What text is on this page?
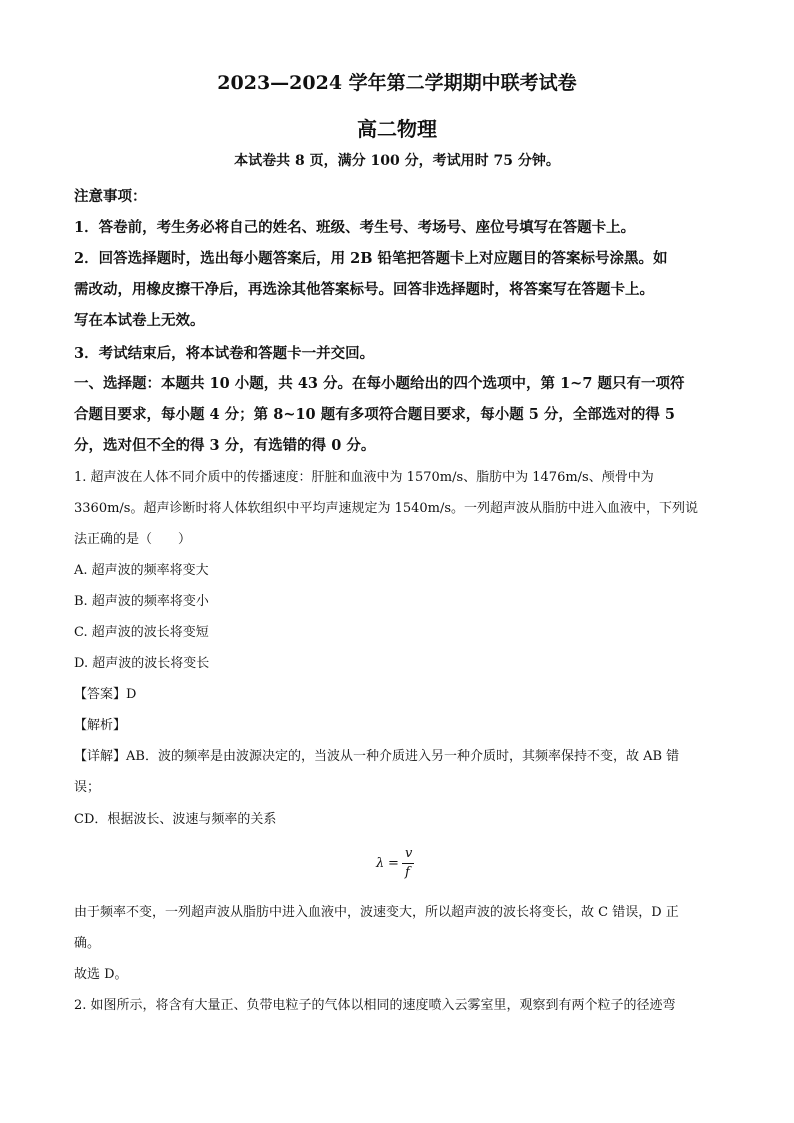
2023—2024 学年第二学期期中联考试卷
高二物理
本试卷共 8 页，满分 100 分，考试用时 75 分钟。
注意事项：
1．答卷前，考生务必将自己的姓名、班级、考生号、考场号、座位号填写在答题卡上。
2．回答选择题时，选出每小题答案后，用 2B 铅笔把答题卡上对应题目的答案标号涂黑。如
需改动，用橡皮擦干净后，再选涂其他答案标号。回答非选择题时，将答案写在答题卡上。
写在本试卷上无效。
3．考试结束后，将本试卷和答题卡一并交回。
一、选择题：本题共 10 小题，共 43 分。在每小题给出的四个选项中，第 1~7 题只有一项符
合题目要求，每小题 4 分；第 8~10 题有多项符合题目要求，每小题 5 分，全部选对的得 5
分，选对但不全的得 3 分，有选错的得 0 分。
1. 超声波在人体不同介质中的传播速度：肝脏和血液中为 1570m/s、脂肪中为 1476m/s、颅骨中为
3360m/s。超声诊断时将人体软组织中平均声速规定为 1540m/s。一列超声波从脂肪中进入血液中，下列说
法正确的是（　　）
A. 超声波的频率将变大
B. 超声波的频率将变小
C. 超声波的波长将变短
D. 超声波的波长将变长
【答案】D
【解析】
【详解】AB．波的频率是由波源决定的，当波从一种介质进入另一种介质时，其频率保持不变，故 AB 错
误；
CD．根据波长、波速与频率的关系
λ =
v
f
由于频率不变，一列超声波从脂肪中进入血液中，波速变大，所以超声波的波长将变长，故 C 错误，D 正
确。
故选 D。
2. 如图所示，将含有大量正、负带电粒子的气体以相同的速度喷入云雾室里，观察到有两个粒子的径迹弯
